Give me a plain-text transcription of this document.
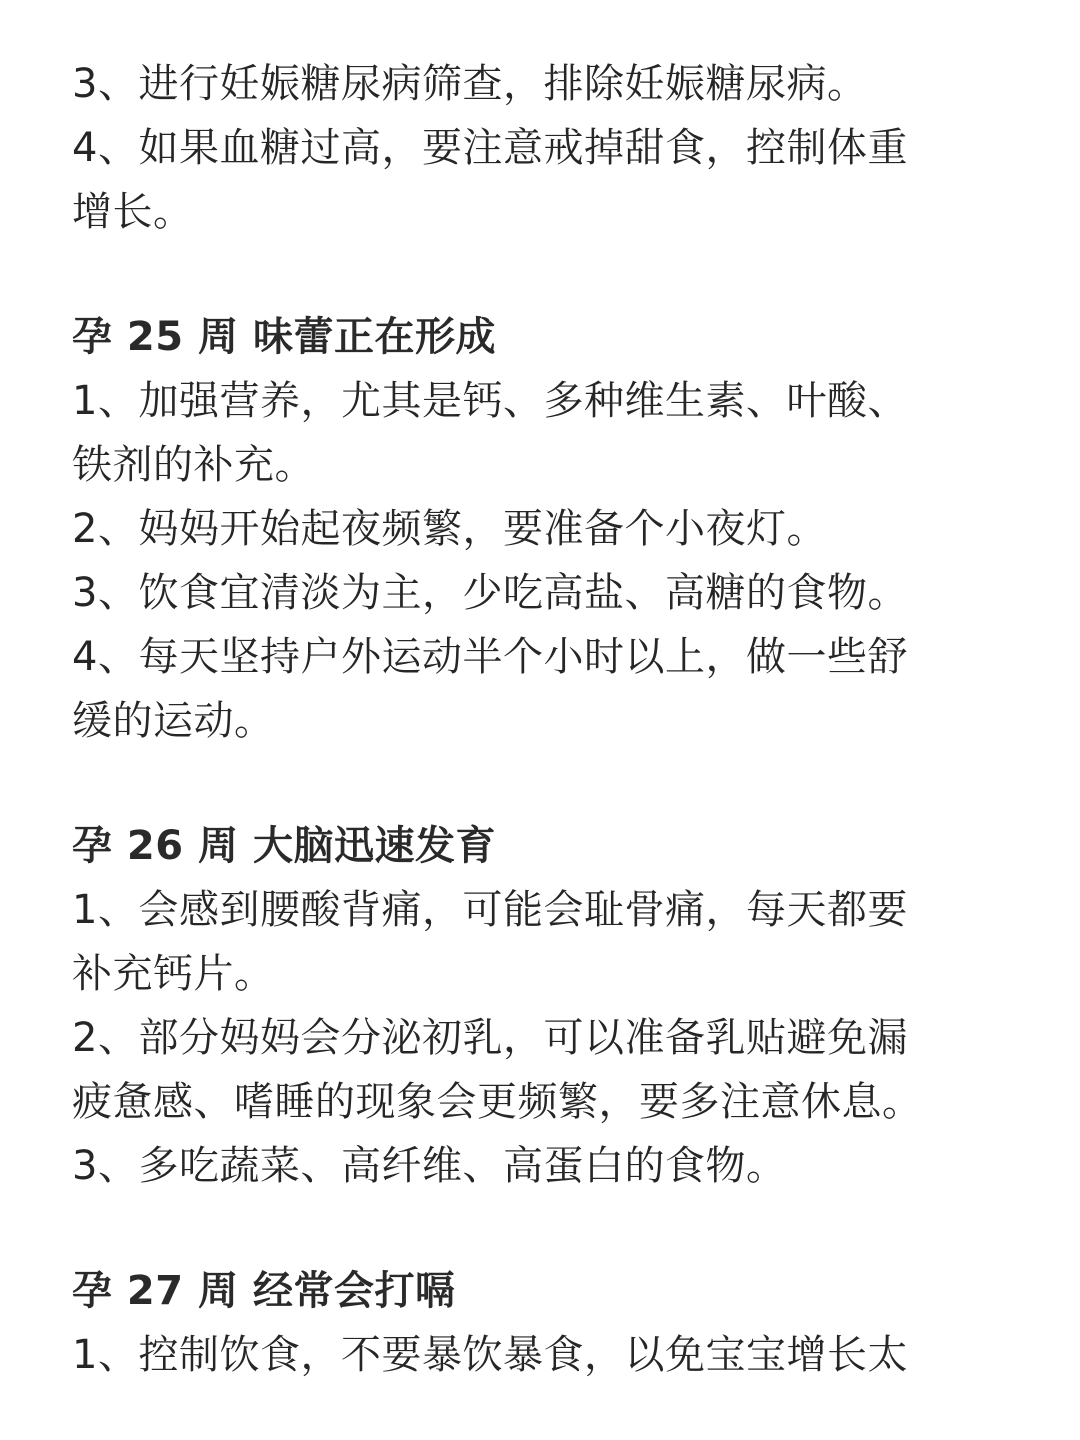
3、进行妊娠糖尿病筛查，排除妊娠糖尿病。
4、如果血糖过高，要注意戒掉甜食，控制体重
增长。
孕 25 周 味蕾正在形成
1、加强营养，尤其是钙、多种维生素、叶酸、
铁剂的补充。
2、妈妈开始起夜频繁，要准备个小夜灯。
3、饮食宜清淡为主，少吃高盐、高糖的食物。
4、每天坚持户外运动半个小时以上，做一些舒
缓的运动。
孕 26 周 大脑迅速发育
1、会感到腰酸背痛，可能会耻骨痛，每天都要
补充钙片。
2、部分妈妈会分泌初乳，可以准备乳贴避免漏
疲惫感、嗜睡的现象会更频繁，要多注意休息。
3、多吃蔬菜、高纤维、高蛋白的食物。
孕 27 周 经常会打嗝
1、控制饮食，不要暴饮暴食，以免宝宝增长太
